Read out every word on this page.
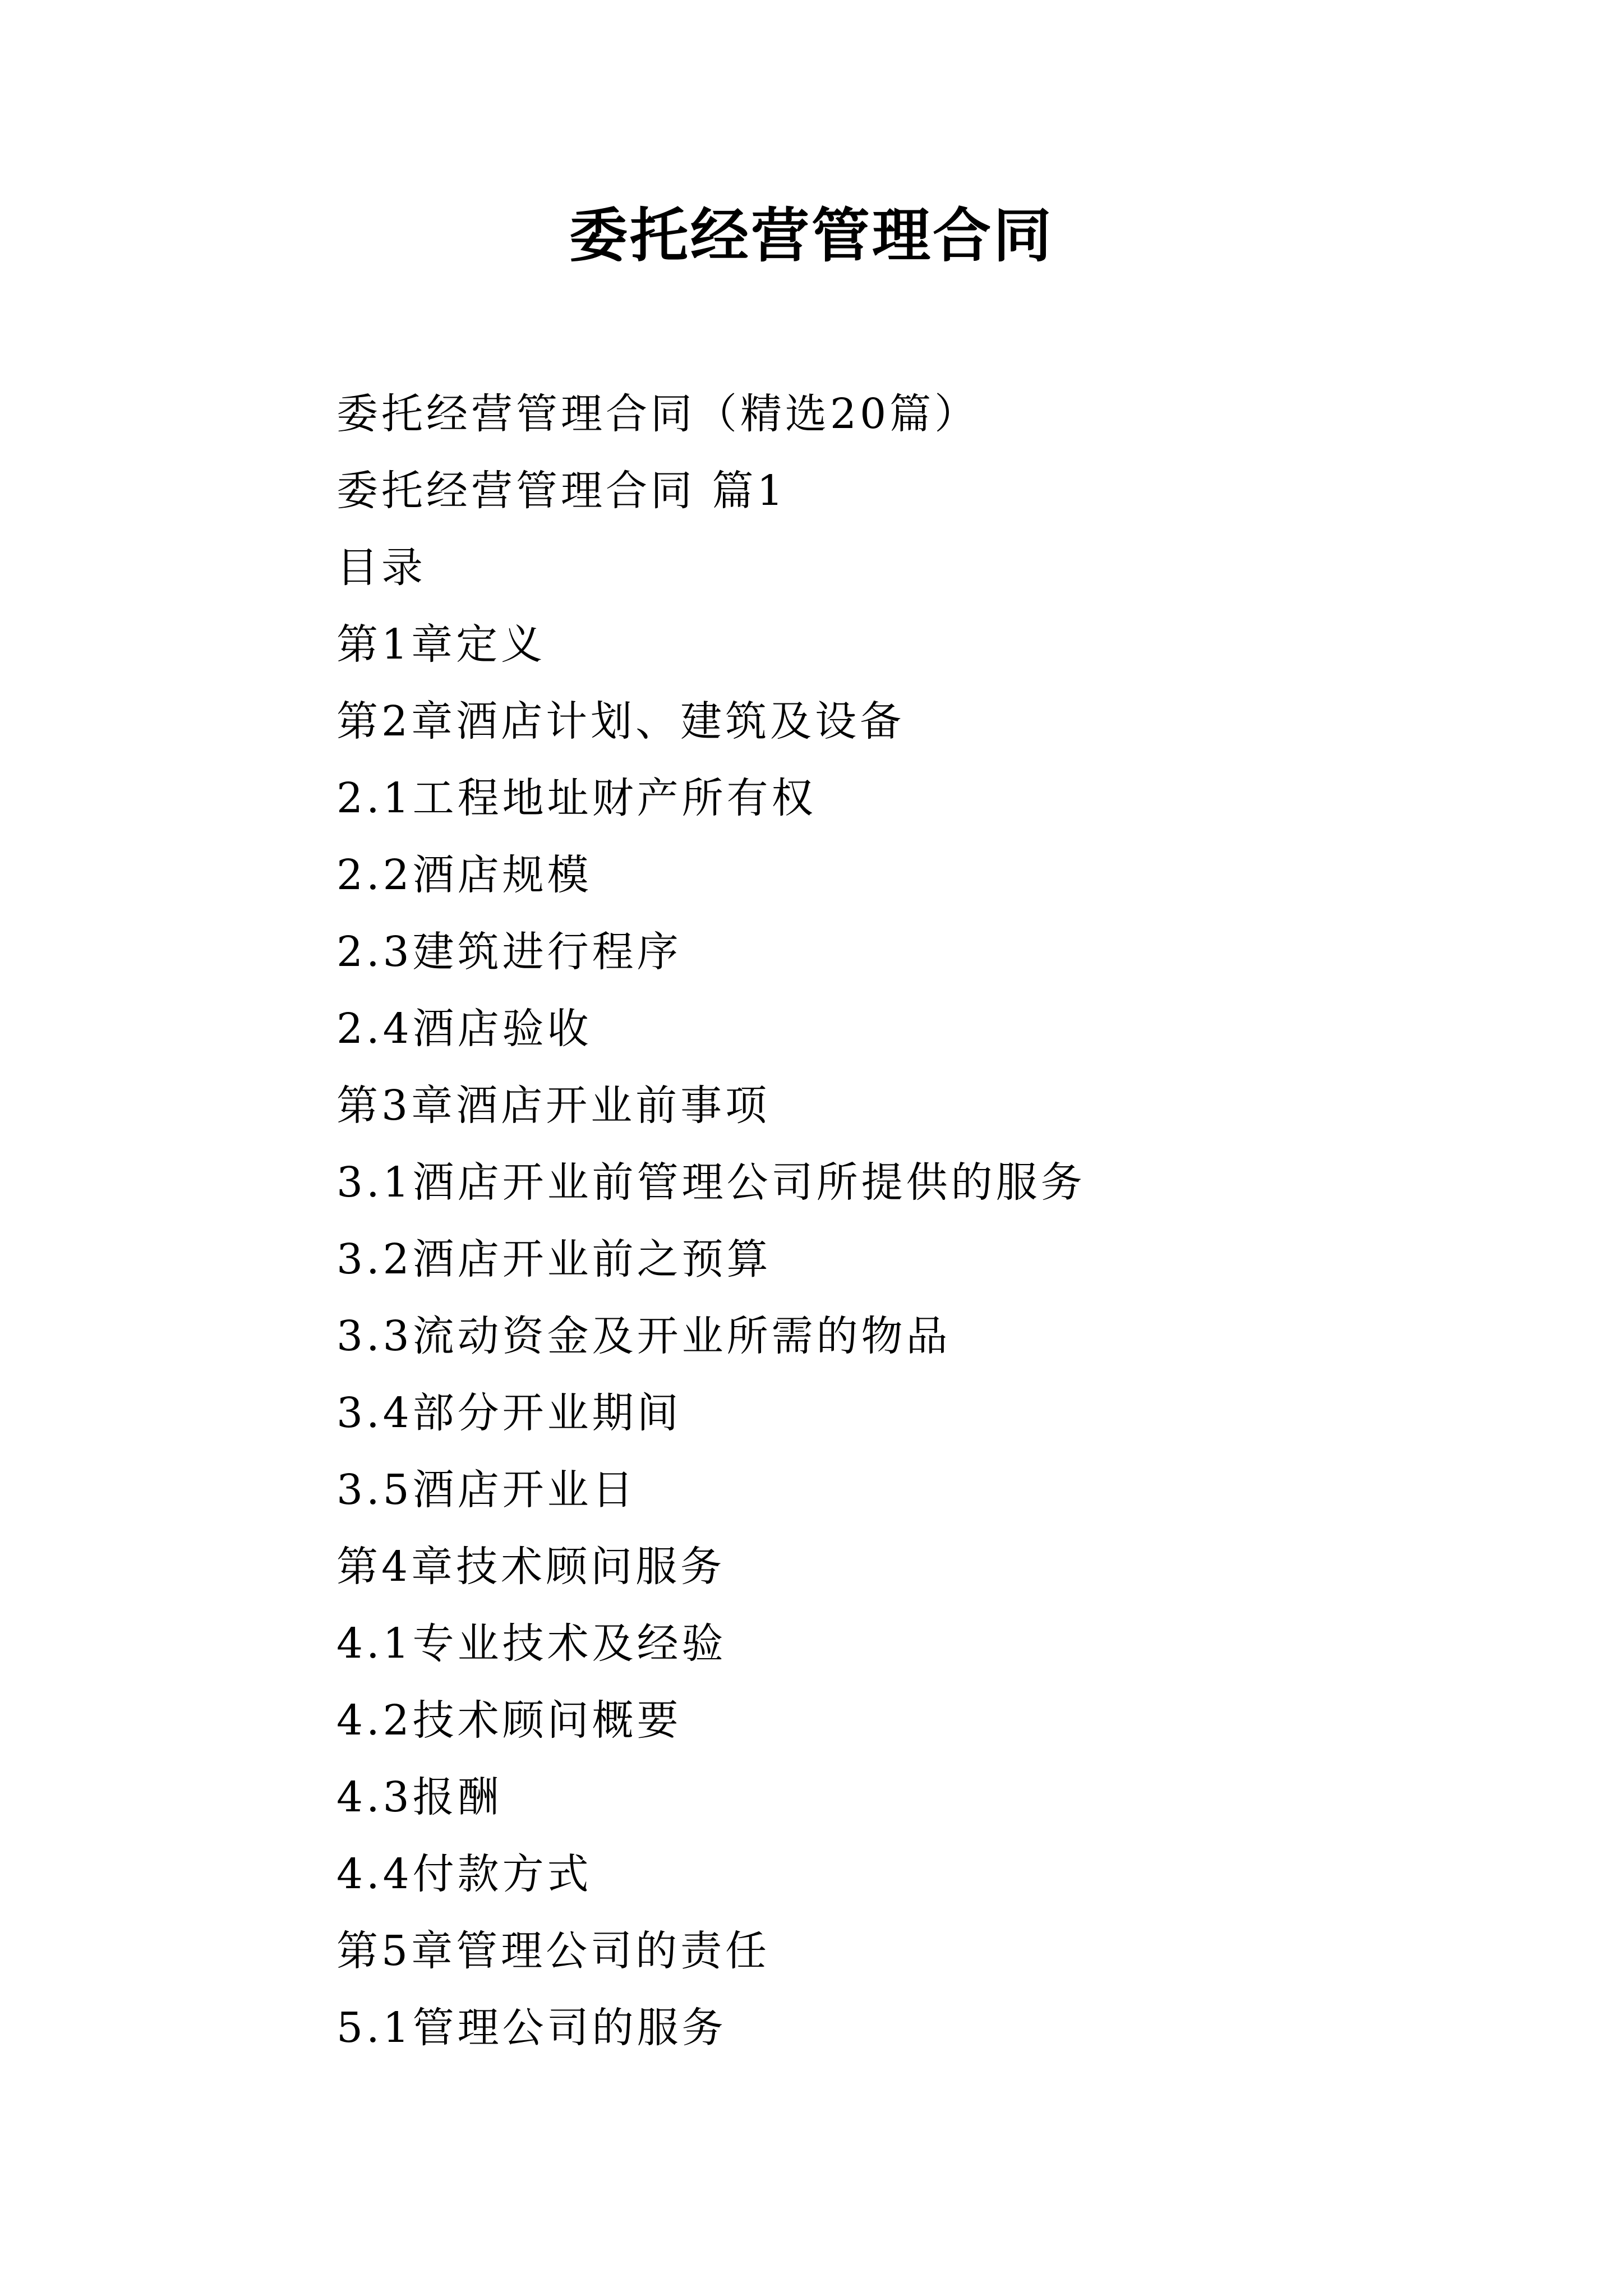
委托经营管理合同

委托经营管理合同（精选20篇）

委托经营管理合同 篇1

目录

第1章定义

第2章酒店计划、建筑及设备

2.1工程地址财产所有权

2.2酒店规模

2.3建筑进行程序

2.4酒店验收

第3章酒店开业前事项

3.1酒店开业前管理公司所提供的服务

3.2酒店开业前之预算

3.3流动资金及开业所需的物品

3.4部分开业期间

3.5酒店开业日

第4章技术顾问服务

4.1专业技术及经验

4.2技术顾问概要

4.3报酬

4.4付款方式

第5章管理公司的责任

5.1管理公司的服务
